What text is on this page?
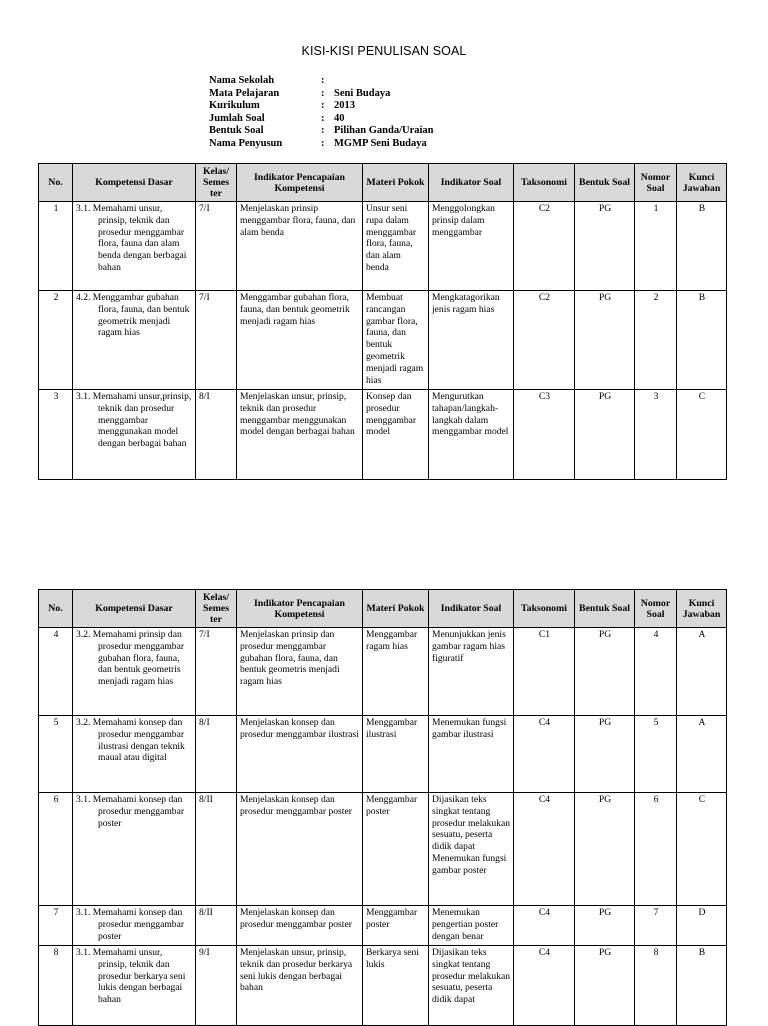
KISI-KISI PENULISAN SOAL
Nama Sekolah	:
Mata Pelajaran	: Seni Budaya
Kurikulum	: 2013
Jumlah Soal	: 40
Bentuk Soal	: Pilihan Ganda/Uraian
Nama Penyusun	: MGMP Seni Budaya
No.	Kompetensi Dasar	Kelas/ Semes ter	Indikator Pencapaian Kompetensi	Materi Pokok	Indikator Soal	Taksonomi	Bentuk Soal	Nomor Soal	Kunci Jawaban
1	3.1. Memahami unsur, prinsip, teknik dan prosedur menggambar flora, fauna dan alam benda dengan berbagai bahan	7/I	Menjelaskan prinsip menggambar flora, fauna, dan alam benda	Unsur seni rupa dalam menggambar flora, fauna, dan alam benda	Menggolongkan prinsip dalam menggambar	C2	PG	1	B
2	4.2. Menggambar gubahan flora, fauna, dan bentuk geometrik menjadi ragam hias	7/I	Menggambar gubahan flora, fauna, dan bentuk geometrik menjadi ragam hias	Membuat rancangan gambar flora, fauna, dan bentuk geometrik menjadi ragam hias	Mengkatagorikan jenis ragam hias	C2	PG	2	B
3	3.1. Memahami unsur,prinsip, teknik dan prosedur menggambar menggunakan model dengan berbagai bahan	8/I	Menjelaskan unsur, prinsip, teknik dan prosedur menggambar menggunakan model dengan berbagai bahan	Konsep dan prosedur menggambar model	Mengurutkan tahapan/langkah-langkah dalam menggambar model	C3	PG	3	C
No.	Kompetensi Dasar	Kelas/ Semes ter	Indikator Pencapaian Kompetensi	Materi Pokok	Indikator Soal	Taksonomi	Bentuk Soal	Nomor Soal	Kunci Jawaban
4	3.2. Memahami prinsip dan prosedur menggambar gubahan flora, fauna, dan bentuk geometris menjadi ragam hias	7/I	Menjelaskan prinsip dan prosedur menggambar gubahan flora, fauna, dan bentuk geometris menjadi ragam hias	Menggambar ragam hias	Menunjukkan jenis gambar ragam hias figuratif	C1	PG	4	A
5	3.2. Memahami konsep dan prosedur menggambar ilustrasi dengan teknik maual atau digital	8/I	Menjelaskan konsep dan prosedur menggambar ilustrasi	Menggambar ilustrasi	Menemukan fungsi gambar ilustrasi	C4	PG	5	A
6	3.1. Memahami konsep dan prosedur menggambar poster	8/II	Menjelaskan konsep dan prosedur menggambar poster	Menggambar poster	Dijasikan teks singkat tentang prosedur melakukan sesuatu, peserta didik dapat Menemukan fungsi gambar poster	C4	PG	6	C
7	3.1. Memahami konsep dan prosedur menggambar poster	8/II	Menjelaskan konsep dan prosedur menggambar poster	Menggambar poster	Menemukan pengertian poster dengan benar	C4	PG	7	D
8	3.1. Memahami unsur, prinsip, teknik dan prosedur berkarya seni lukis dengan berbagai bahan	9/I	Menjelaskan unsur, prinsip, teknik dan prosedur berkarya seni lukis dengan berbagai bahan	Berkarya seni lukis	Dijasikan teks singkat tentang prosedur melakukan sesuatu, peserta didik dapat	C4	PG	8	B
